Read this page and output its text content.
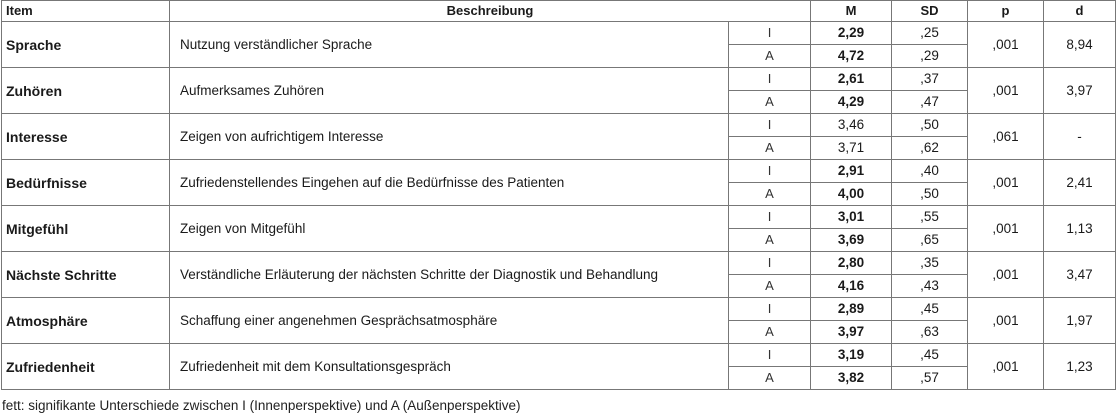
Item	Beschreibung		M	SD	p	d
Sprache	Nutzung verständlicher Sprache	I	2,29	,25	,001	8,94
		A	4,72	,29		
Zuhören	Aufmerksames Zuhören	I	2,61	,37	,001	3,97
		A	4,29	,47		
Interesse	Zeigen von aufrichtigem Interesse	I	3,46	,50	,061	-
		A	3,71	,62		
Bedürfnisse	Zufriedenstellendes Eingehen auf die Bedürfnisse des Patienten	I	2,91	,40	,001	2,41
		A	4,00	,50		
Mitgefühl	Zeigen von Mitgefühl	I	3,01	,55	,001	1,13
		A	3,69	,65		
Nächste Schritte	Verständliche Erläuterung der nächsten Schritte der Diagnostik und Behandlung	I	2,80	,35	,001	3,47
		A	4,16	,43		
Atmosphäre	Schaffung einer angenehmen Gesprächsatmosphäre	I	2,89	,45	,001	1,97
		A	3,97	,63		
Zufriedenheit	Zufriedenheit mit dem Konsultationsgespräch	I	3,19	,45	,001	1,23
		A	3,82	,57		
fett: signifikante Unterschiede zwischen I (Innenperspektive) und A (Außenperspektive)
